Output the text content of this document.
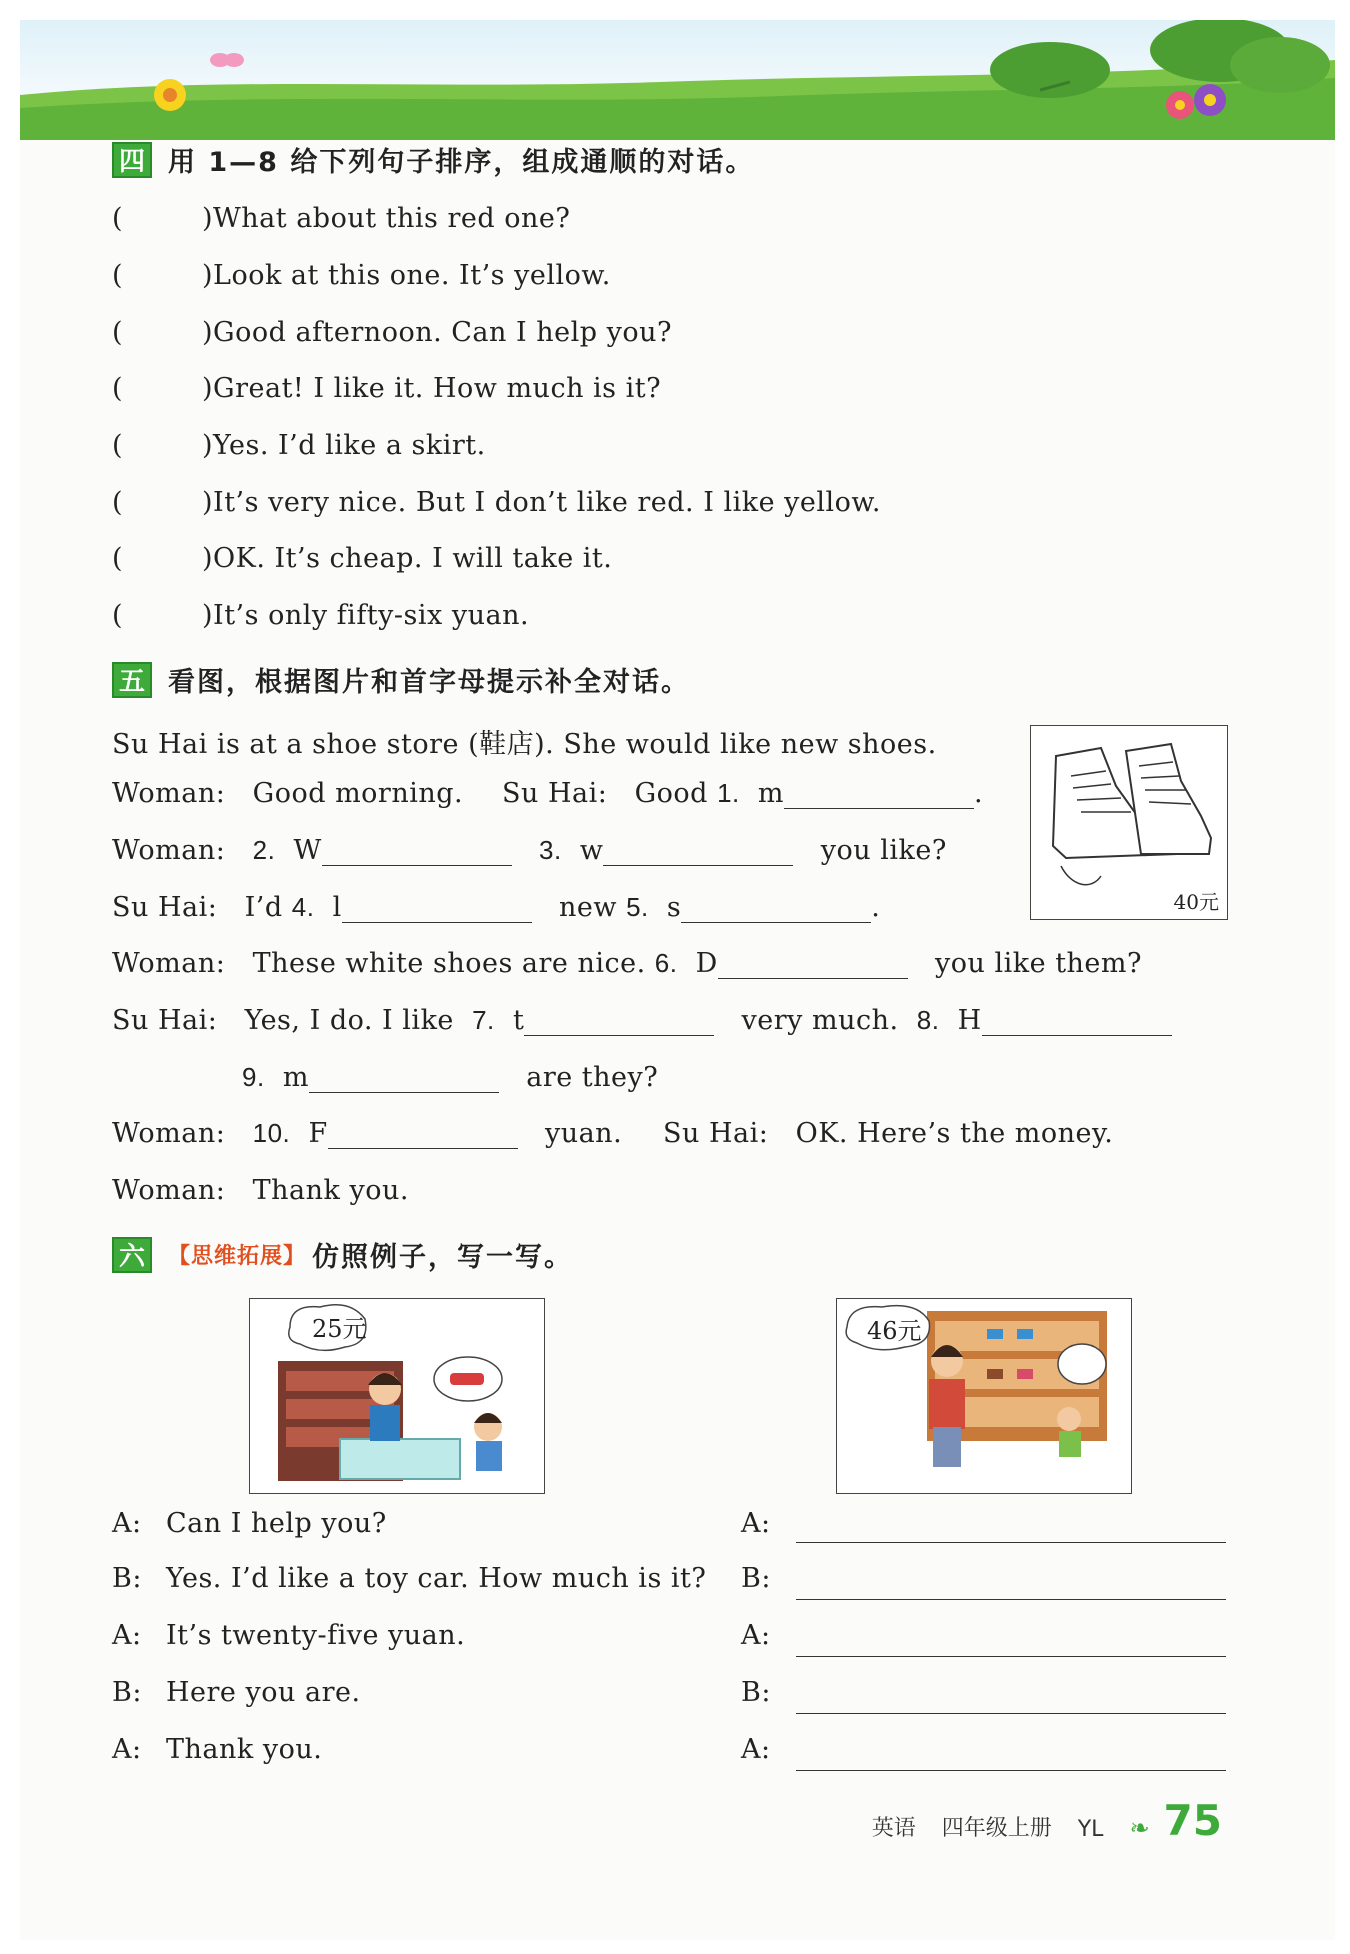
四 用 1—8 给下列句子排序，组成通顺的对话。
(	)What about this red one?
(	)Look at this one. It’s yellow.
(	)Good afternoon. Can I help you?
(	)Great! I like it. How much is it?
(	)Yes. I’d like a skirt.
(	)It’s very nice. But I don’t like red. I like yellow.
(	)OK. It’s cheap. I will take it.
(	)It’s only fifty-six yuan.
五 看图，根据图片和首字母提示补全对话。
Su Hai is at a shoe store (鞋店). She would like new shoes.
40元
Woman: Good morning. Su Hai: Good 1. m	.
Woman: 2. W	3. w	you like?
Su Hai: I’d 4. l	new 5. s	.
Woman: These white shoes are nice. 6. D	you like them?
Su Hai: Yes, I do. I like 7. t	very much. 8. H
9. m	are they?
Woman: 10. F	yuan. Su Hai: OK. Here’s the money.
Woman: Thank you.
六	【思维拓展】 仿照例子，写一写。
25元	46元
A: Can I help you?
B: Yes. I’d like a toy car. How much is it?
A: It’s twenty-five yuan.
B: Here you are.
A: Thank you.
A:
B:
A:
B:
A:
英语 四年级上册 YL ❧ 75
